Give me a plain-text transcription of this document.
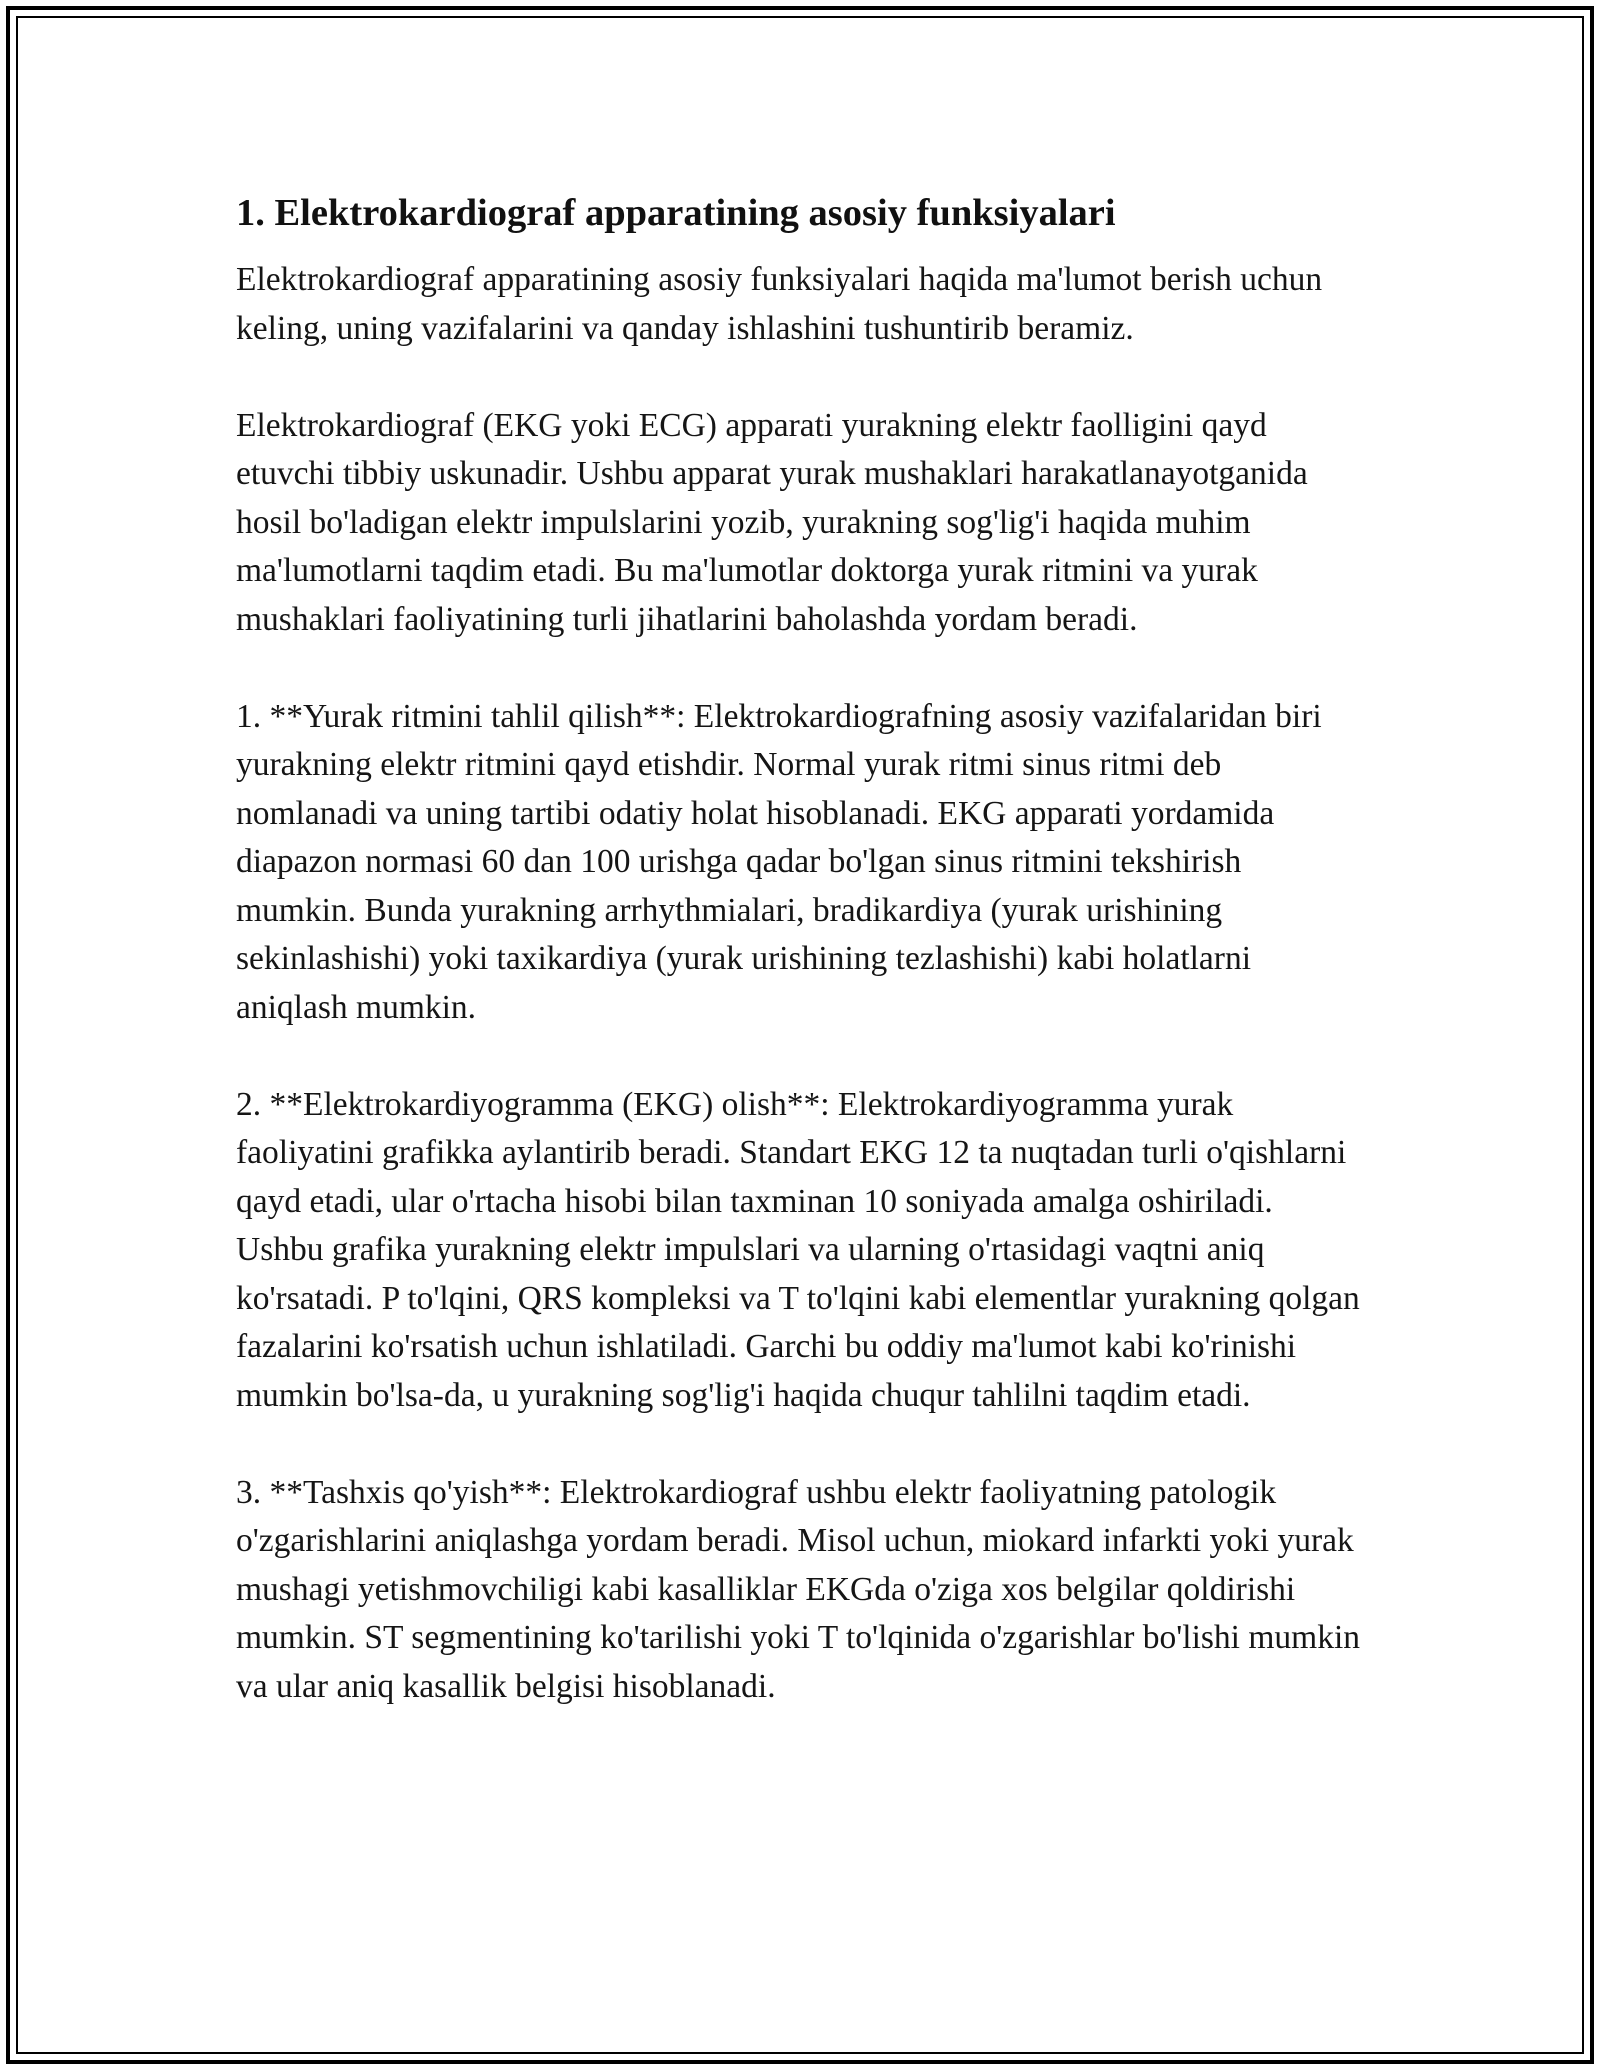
1. Elektrokardiograf apparatining asosiy funksiyalari

Elektrokardiograf apparatining asosiy funksiyalari haqida ma'lumot berish uchun keling, uning vazifalarini va qanday ishlashini tushuntirib beramiz.

Elektrokardiograf (EKG yoki ECG) apparati yurakning elektr faolligini qayd etuvchi tibbiy uskunadir. Ushbu apparat yurak mushaklari harakatlanayotganida hosil bo'ladigan elektr impulslarini yozib, yurakning sog'lig'i haqida muhim ma'lumotlarni taqdim etadi. Bu ma'lumotlar doktorga yurak ritmini va yurak mushaklari faoliyatining turli jihatlarini baholashda yordam beradi.

1. **Yurak ritmini tahlil qilish**: Elektrokardiografning asosiy vazifalaridan biri yurakning elektr ritmini qayd etishdir. Normal yurak ritmi sinus ritmi deb nomlanadi va uning tartibi odatiy holat hisoblanadi. EKG apparati yordamida diapazon normasi 60 dan 100 urishga qadar bo'lgan sinus ritmini tekshirish mumkin. Bunda yurakning arrhythmialari, bradikardiya (yurak urishining sekinlashishi) yoki taxikardiya (yurak urishining tezlashishi) kabi holatlarni aniqlash mumkin.

2. **Elektrokardiyogramma (EKG) olish**: Elektrokardiyogramma yurak faoliyatini grafikka aylantirib beradi. Standart EKG 12 ta nuqtadan turli o'qishlarni qayd etadi, ular o'rtacha hisobi bilan taxminan 10 soniyada amalga oshiriladi. Ushbu grafika yurakning elektr impulslari va ularning o'rtasidagi vaqtni aniq ko'rsatadi. P to'lqini, QRS kompleksi va T to'lqini kabi elementlar yurakning qolgan fazalarini ko'rsatish uchun ishlatiladi. Garchi bu oddiy ma'lumot kabi ko'rinishi mumkin bo'lsa-da, u yurakning sog'lig'i haqida chuqur tahlilni taqdim etadi.

3. **Tashxis qo'yish**: Elektrokardiograf ushbu elektr faoliyatning patologik o'zgarishlarini aniqlashga yordam beradi. Misol uchun, miokard infarkti yoki yurak mushagi yetishmovchiligi kabi kasalliklar EKGda o'ziga xos belgilar qoldirishi mumkin. ST segmentining ko'tarilishi yoki T to'lqinida o'zgarishlar bo'lishi mumkin va ular aniq kasallik belgisi hisoblanadi.
